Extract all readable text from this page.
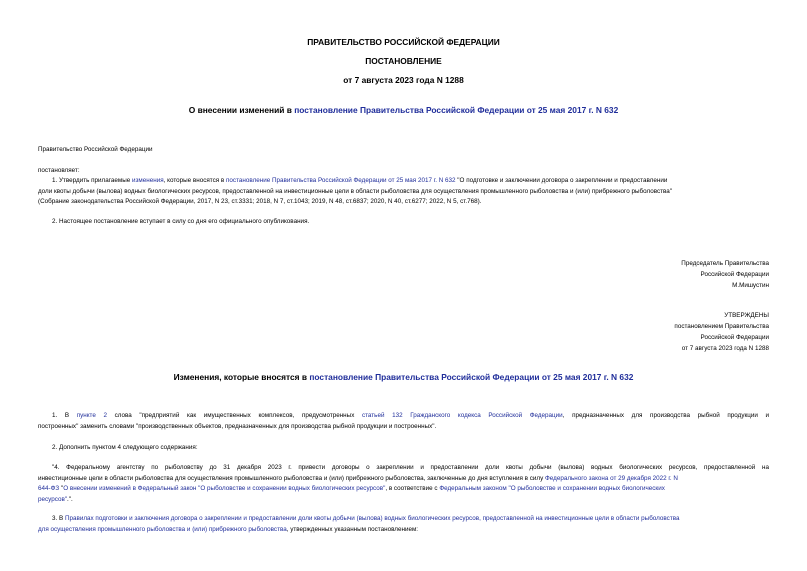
ПРАВИТЕЛЬСТВО РОССИЙСКОЙ ФЕДЕРАЦИИ
ПОСТАНОВЛЕНИЕ
от 7 августа 2023 года N 1288
О внесении изменений в постановление Правительства Российской Федерации от 25 мая 2017 г. N 632
Правительство Российской Федерации
постановляет:
1. Утвердить прилагаемые изменения, которые вносятся в постановление Правительства Российской Федерации от 25 мая 2017 г. N 632 "О подготовке и заключении договора о закреплении и предоставлении
доли квоты добычи (вылова) водных биологических ресурсов, предоставленной на инвестиционные цели в области рыболовства для осуществления промышленного рыболовства и (или) прибрежного рыболовства"
(Собрание законодательства Российской Федерации, 2017, N 23, ст.3331; 2018, N 7, ст.1043; 2019, N 48, ст.6837; 2020, N 40, ст.6277; 2022, N 5, ст.768).
2. Настоящее постановление вступает в силу со дня его официального опубликования.
Председатель Правительства
Российской Федерации
М.Мишустин
УТВЕРЖДЕНЫ
постановлением Правительства
Российской Федерации
от 7 августа 2023 года N 1288
Изменения, которые вносятся в постановление Правительства Российской Федерации от 25 мая 2017 г. N 632
1. В пункте 2 слова "предприятий как имущественных комплексов, предусмотренных статьей 132 Гражданского кодекса Российской Федерации, предназначенных для производства рыбной продукции и
построенных" заменить словами "производственных объектов, предназначенных для производства рыбной продукции и построенных".
2. Дополнить пунктом 4 следующего содержания:
"4. Федеральному агентству по рыболовству до 31 декабря 2023 г. привести договоры о закреплении и предоставлении доли квоты добычи (вылова) водных биологических ресурсов, предоставленной на
инвестиционные цели в области рыболовства для осуществления промышленного рыболовства и (или) прибрежного рыболовства, заключенные до дня вступления в силу Федерального закона от 29 декабря 2022 г. N
644-ФЗ "О внесении изменений в Федеральный закон "О рыболовстве и сохранении водных биологических ресурсов", в соответствие с Федеральным законом "О рыболовстве и сохранении водных биологических
ресурсов".".
3. В Правилах подготовки и заключения договора о закреплении и предоставлении доли квоты добычи (вылова) водных биологических ресурсов, предоставленной на инвестиционные цели в области рыболовства
для осуществления промышленного рыболовства и (или) прибрежного рыболовства, утвержденных указанным постановлением:
